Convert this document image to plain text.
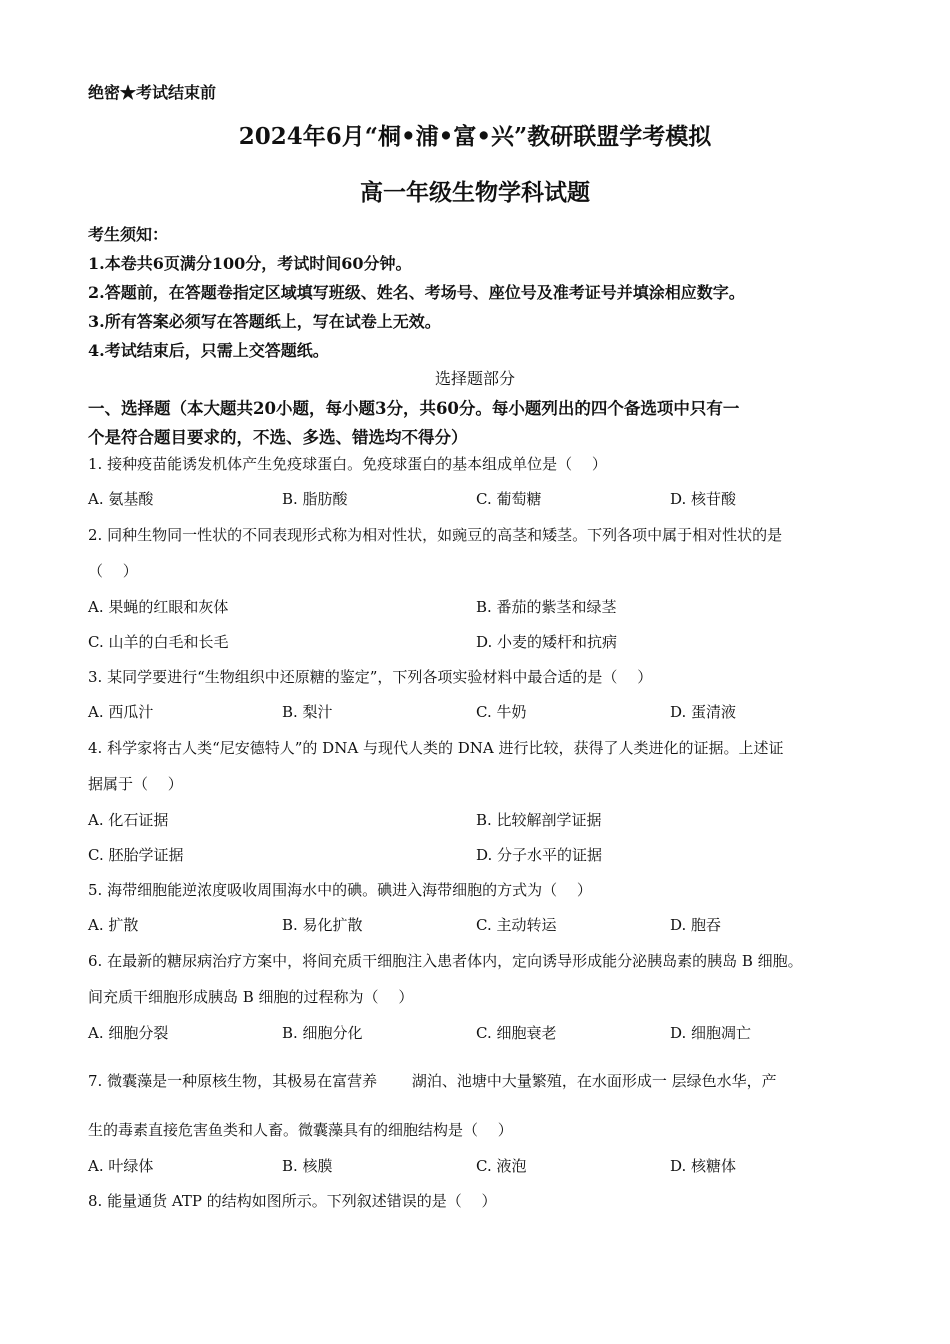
绝密★考试结束前
2024年6月“桐•浦•富•兴”教研联盟学考模拟
高一年级生物学科试题
考生须知：
1.本卷共6页满分100分，考试时间60分钟。
2.答题前，在答题卷指定区域填写班级、姓名、考场号、座位号及准考证号并填涂相应数字。
3.所有答案必须写在答题纸上，写在试卷上无效。
4.考试结束后，只需上交答题纸。
选择题部分
一、选择题（本大题共20小题，每小题3分，共60分。每小题列出的四个备选项中只有一
个是符合题目要求的，不选、多选、错选均不得分）
1. 接种疫苗能诱发机体产生免疫球蛋白。免疫球蛋白的基本组成单位是（　 ）
A. 氨基酸	B. 脂肪酸	C. 葡萄糖	D. 核苷酸
2. 同种生物同一性状的不同表现形式称为相对性状，如豌豆的高茎和矮茎。下列各项中属于相对性状的是
（　 ）
A. 果蝇的红眼和灰体	B. 番茄的紫茎和绿茎
C. 山羊的白毛和长毛	D. 小麦的矮杆和抗病
3. 某同学要进行“生物组织中还原糖的鉴定”，下列各项实验材料中最合适的是（　 ）
A. 西瓜汁	B. 梨汁	C. 牛奶	D. 蛋清液
4. 科学家将古人类“尼安德特人”的 DNA 与现代人类的 DNA 进行比较，获得了人类进化的证据。上述证
据属于（　 ）
A. 化石证据	B. 比较解剖学证据
C. 胚胎学证据	D. 分子水平的证据
5. 海带细胞能逆浓度吸收周围海水中的碘。碘进入海带细胞的方式为（　 ）
A. 扩散	B. 易化扩散	C. 主动转运	D. 胞吞
6. 在最新的糖尿病治疗方案中，将间充质干细胞注入患者体内，定向诱导形成能分泌胰岛素的胰岛 B 细胞。
间充质干细胞形成胰岛 B 细胞的过程称为（　 ）
A. 细胞分裂	B. 细胞分化	C. 细胞衰老	D. 细胞凋亡
7. 微囊藻是一种原核生物，其极易在富营养　　 湖泊、池塘中大量繁殖，在水面形成一 层绿色水华，产
生的毒素直接危害鱼类和人畜。微囊藻具有的细胞结构是（　 ）
A. 叶绿体	B. 核膜	C. 液泡	D. 核糖体
8. 能量通货 ATP 的结构如图所示。下列叙述错误的是（　 ）
